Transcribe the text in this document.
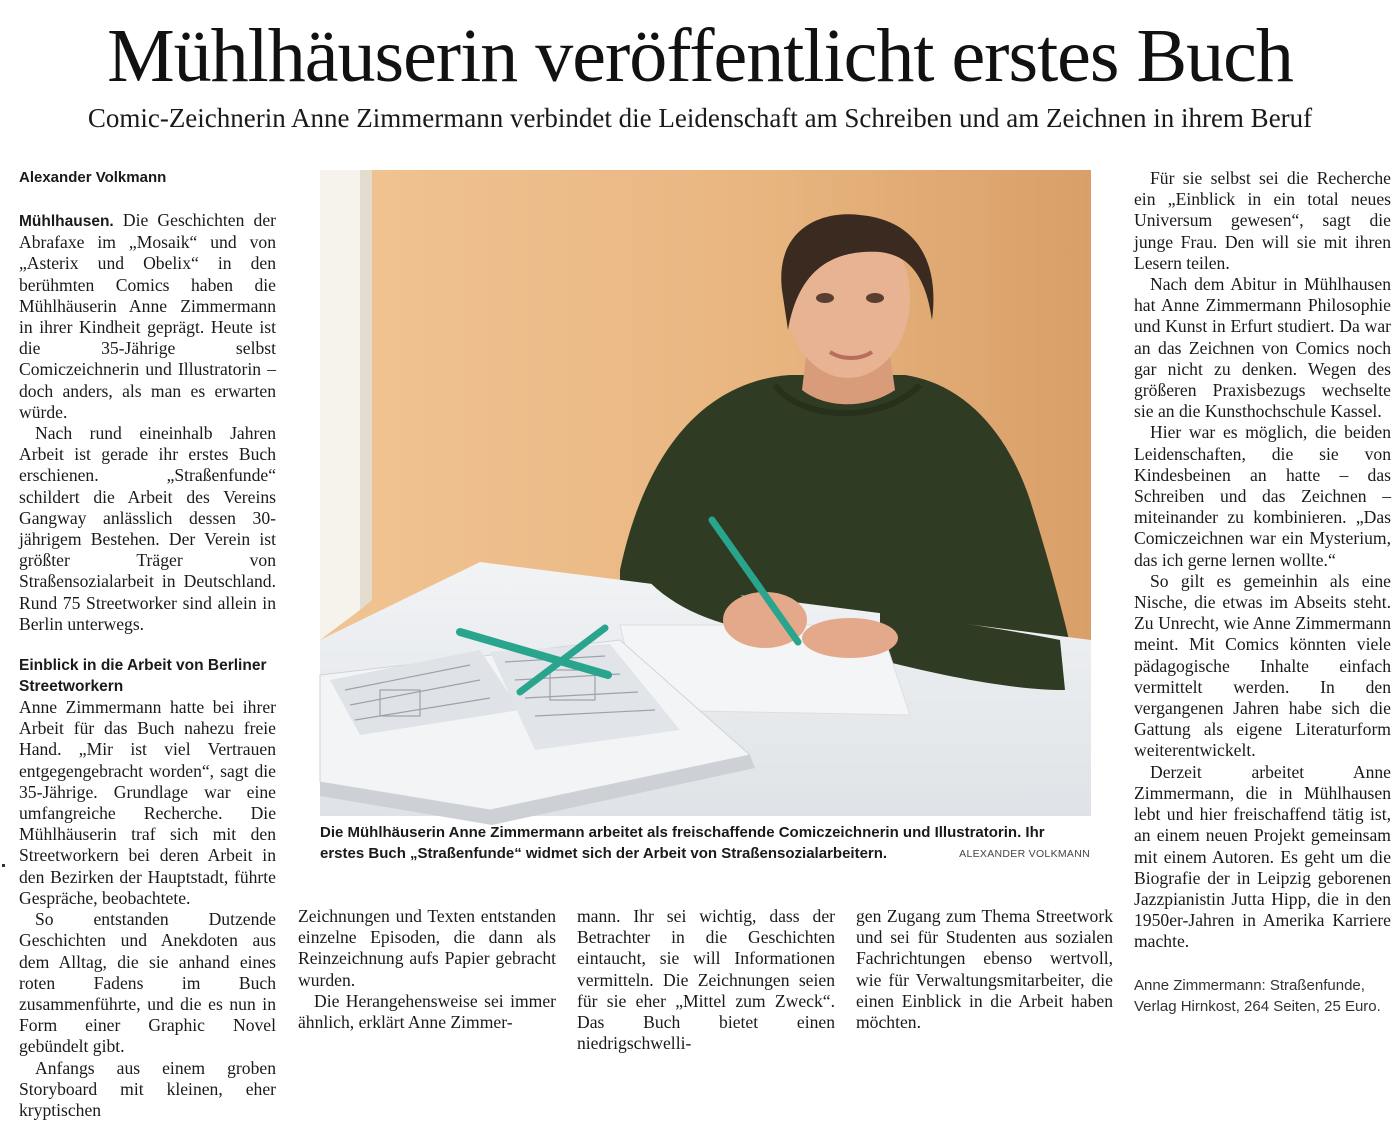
Mühlhäuserin veröffentlicht erstes Buch
Comic-Zeichnerin Anne Zimmermann verbindet die Leidenschaft am Schreiben und am Zeichnen in ihrem Beruf
Alexander Volkmann

Mühlhausen. Die Geschichten der Abrafaxe im „Mosaik“ und von „Asterix und Obelix“ in den berühmten Comics haben die Mühlhäuserin Anne Zimmermann in ihrer Kindheit geprägt. Heute ist die 35-Jährige selbst Comiczeichnerin und Illustratorin – doch anders, als man es erwarten würde.

Nach rund eineinhalb Jahren Arbeit ist gerade ihr erstes Buch erschienen. „Straßenfunde“ schildert die Arbeit des Vereins Gangway anlässlich dessen 30-jährigem Bestehen. Der Verein ist größter Träger von Straßensozialarbeit in Deutschland. Rund 75 Streetworker sind allein in Berlin unterwegs.

Einblick in die Arbeit von Berliner Streetworkern

Anne Zimmermann hatte bei ihrer Arbeit für das Buch nahezu freie Hand. „Mir ist viel Vertrauen entgegengebracht worden“, sagt die 35-Jährige. Grundlage war eine umfangreiche Recherche. Die Mühlhäuserin traf sich mit den Streetworkern bei deren Arbeit in den Bezirken der Hauptstadt, führte Gespräche, beobachtete.

So entstanden Dutzende Geschichten und Anekdoten aus dem Alltag, die sie anhand eines roten Fadens im Buch zusammenführte, und die es nun in Form einer Graphic Novel gebündelt gibt.

Anfangs aus einem groben Storyboard mit kleinen, eher kryptischen

Die Mühlhäuserin Anne Zimmermann arbeitet als freischaffende Comiczeichnerin und Illustratorin. Ihr erstes Buch „Straßenfunde“ widmet sich der Arbeit von Straßensozialarbeitern.	ALEXANDER VOLKMANN

Zeichnungen und Texten entstanden einzelne Episoden, die dann als Reinzeichnung aufs Papier gebracht wurden.

Die Herangehensweise sei immer ähnlich, erklärt Anne Zimmer-

mann. Ihr sei wichtig, dass der Betrachter in die Geschichten eintaucht, sie will Informationen vermitteln. Die Zeichnungen seien für sie eher „Mittel zum Zweck“. Das Buch bietet einen niedrigschwelli-

gen Zugang zum Thema Streetwork und sei für Studenten aus sozialen Fachrichtungen ebenso wertvoll, wie für Verwaltungsmitarbeiter, die einen Einblick in die Arbeit haben möchten.

Für sie selbst sei die Recherche ein „Einblick in ein total neues Universum gewesen“, sagt die junge Frau. Den will sie mit ihren Lesern teilen.

Nach dem Abitur in Mühlhausen hat Anne Zimmermann Philosophie und Kunst in Erfurt studiert. Da war an das Zeichnen von Comics noch gar nicht zu denken. Wegen des größeren Praxisbezugs wechselte sie an die Kunsthochschule Kassel.

Hier war es möglich, die beiden Leidenschaften, die sie von Kindesbeinen an hatte – das Schreiben und das Zeichnen – miteinander zu kombinieren. „Das Comiczeichnen war ein Mysterium, das ich gerne lernen wollte.“

So gilt es gemeinhin als eine Nische, die etwas im Abseits steht. Zu Unrecht, wie Anne Zimmermann meint. Mit Comics könnten viele pädagogische Inhalte einfach vermittelt werden. In den vergangenen Jahren habe sich die Gattung als eigene Literaturform weiterentwickelt.

Derzeit arbeitet Anne Zimmermann, die in Mühlhausen lebt und hier freischaffend tätig ist, an einem neuen Projekt gemeinsam mit einem Autoren. Es geht um die Biografie der in Leipzig geborenen Jazzpianistin Jutta Hipp, die in den 1950er-Jahren in Amerika Karriere machte.

Anne Zimmermann: Straßenfunde, Verlag Hirnkost, 264 Seiten, 25 Euro.
